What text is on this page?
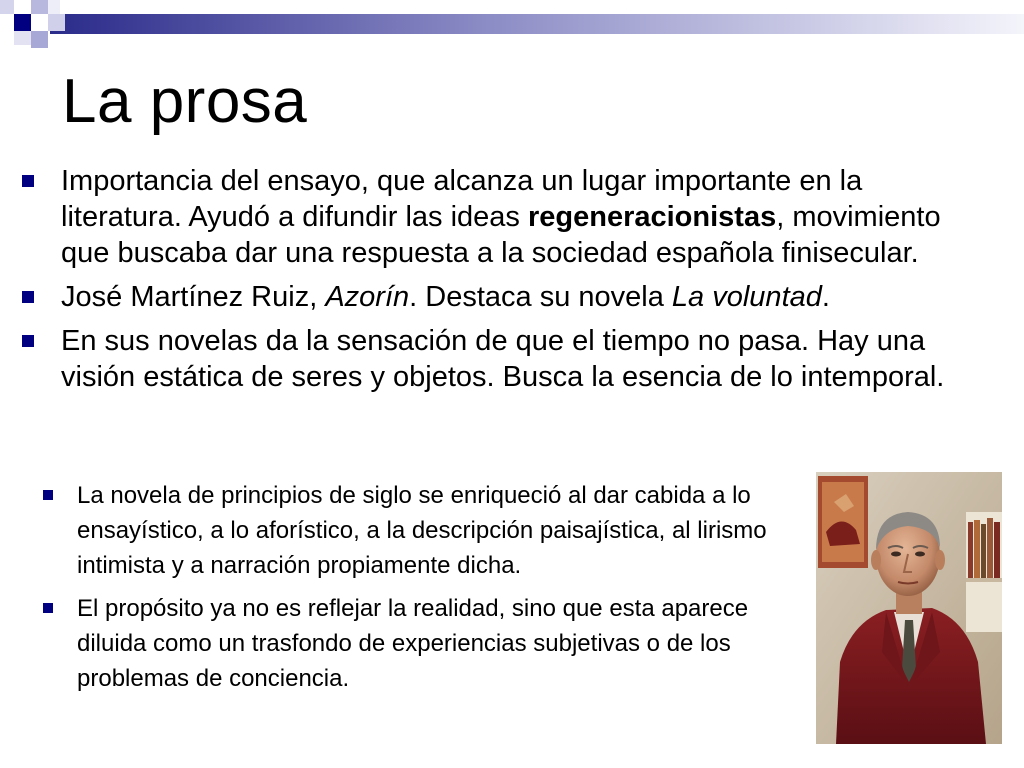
La prosa
Importancia del ensayo, que alcanza un lugar importante en la literatura. Ayudó a difundir las ideas regeneracionistas, movimiento que buscaba dar una respuesta a la sociedad española finisecular.
José Martínez Ruiz, Azorín. Destaca su novela La voluntad.
En sus novelas da la sensación de que el tiempo no pasa. Hay una visión estática de seres y objetos. Busca la esencia de lo intemporal.
La novela de principios de siglo se enriqueció al dar cabida a lo ensayístico, a lo aforístico, a la descripción paisajística, al lirismo intimista y a narración propiamente dicha.
El propósito ya no es reflejar la realidad, sino que esta aparece diluida como un trasfondo de experiencias subjetivas o de los problemas de conciencia.
